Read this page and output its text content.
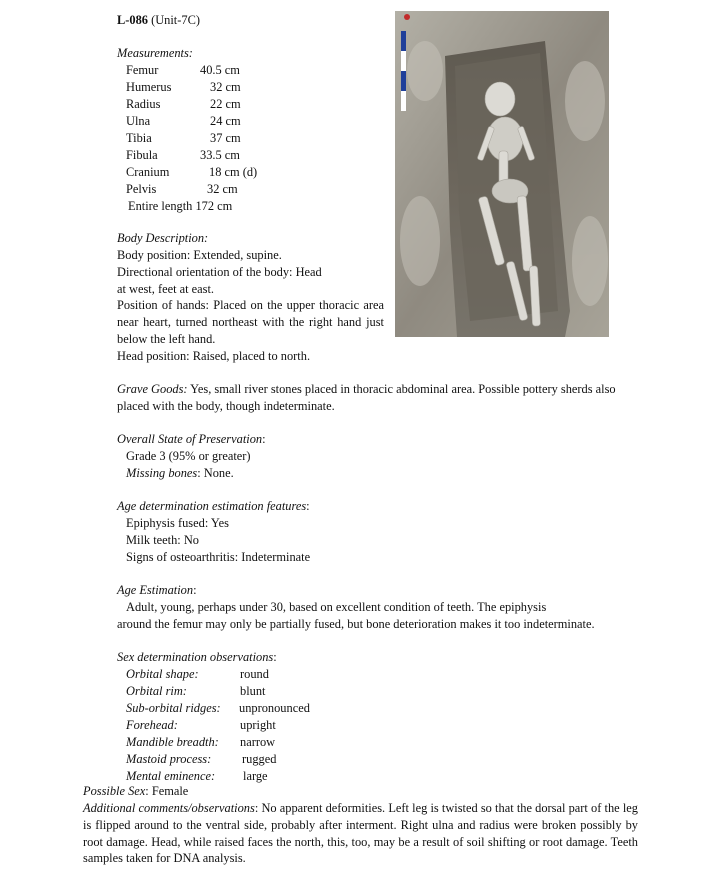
L-086 (Unit-7C)
Measurements:
Femur	40.5 cm
Humerus	32 cm
Radius	22 cm
Ulna	24 cm
Tibia	37 cm
Fibula	33.5 cm
Cranium	18 cm (d)
Pelvis	32 cm
Entire length 172 cm
Body Description:
Body position: Extended, supine.
Directional orientation of the body: Head
at west, feet at east.
Position of hands: Placed on the upper thoracic area near heart, turned northeast with the right hand just below the left hand.
Head position: Raised, placed to north.
Grave Goods: Yes, small river stones placed in thoracic abdominal area. Possible pottery sherds also placed with the body, though indeterminate.
Overall State of Preservation:
Grade 3 (95% or greater)
Missing bones: None.
Age determination estimation features:
Epiphysis fused: Yes
Milk teeth: No
Signs of osteoarthritis: Indeterminate
Age Estimation:
Adult, young, perhaps under 30, based on excellent condition of teeth. The epiphysis
around the femur may only be partially fused, but bone deterioration makes it too indeterminate.
Sex determination observations:
Orbital shape:	round
Orbital rim:	blunt
Sub-orbital ridges: unpronounced
Forehead:	upright
Mandible breadth: narrow
Mastoid process: rugged
Mental eminence: large
Possible Sex: Female
Additional comments/observations: No apparent deformities. Left leg is twisted so that the dorsal part of the leg is flipped around to the ventral side, probably after interment. Right ulna and radius were broken possibly by root damage. Head, while raised faces the north, this, too, may be a result of soil shifting or root damage. Teeth samples taken for DNA analysis.
